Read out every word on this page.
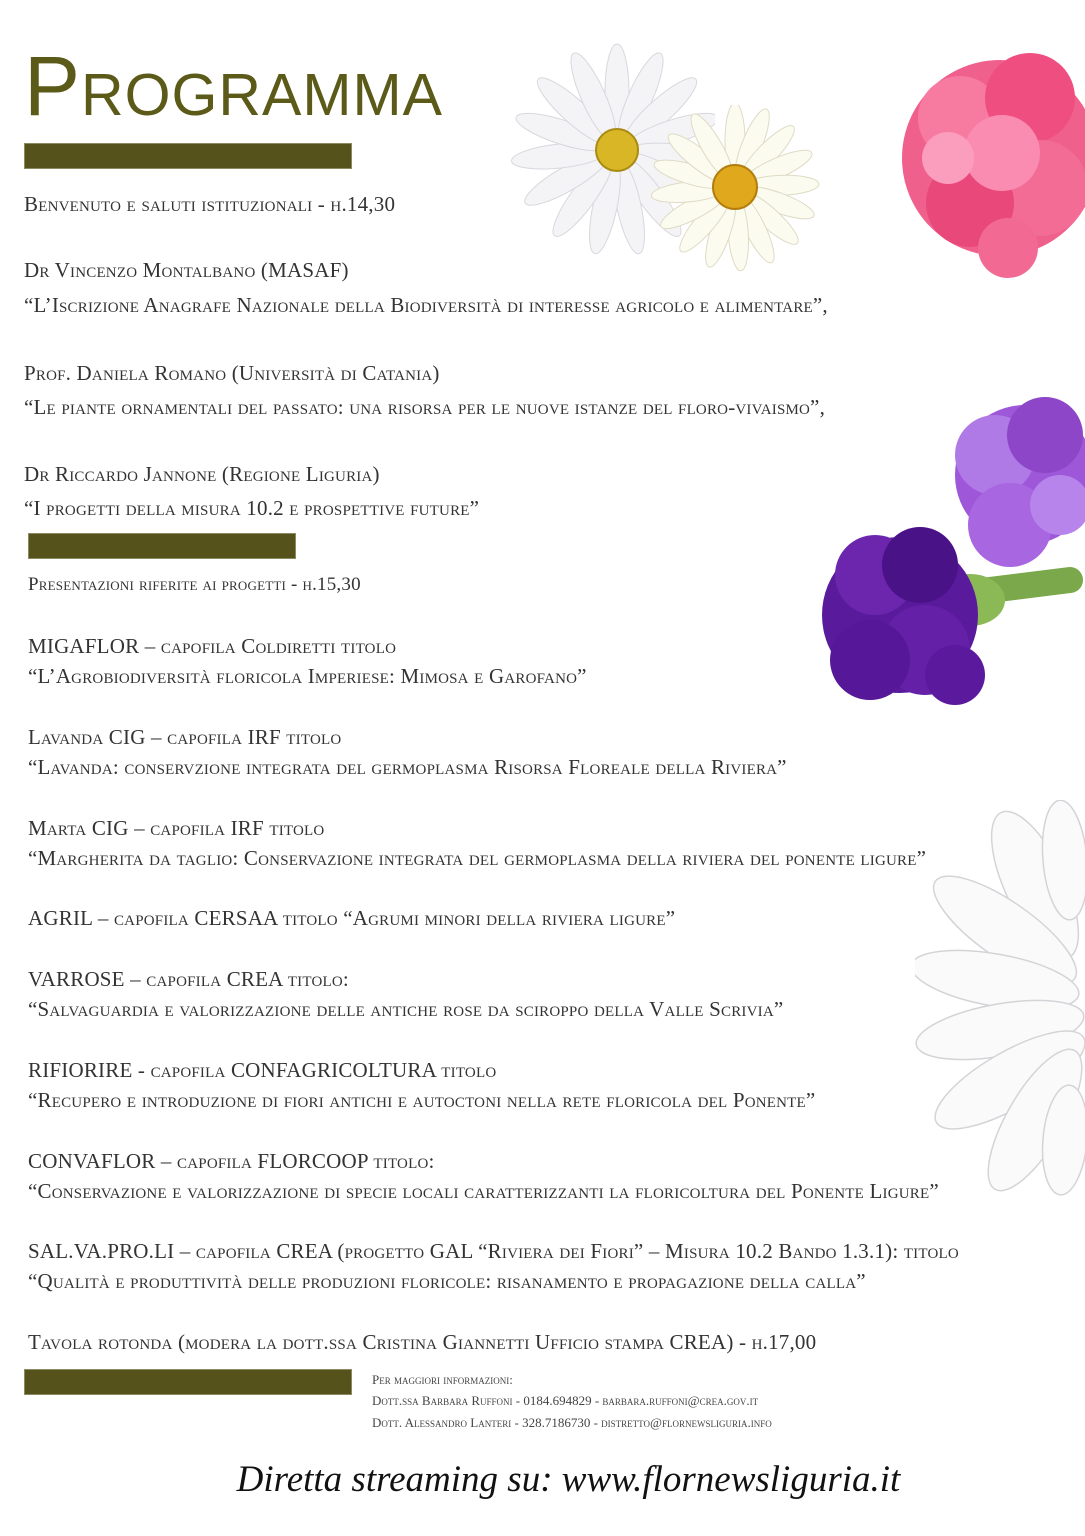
Programma
Benvenuto e saluti istituzionali - h.14,30
Dr Vincenzo Montalbano (MASAF)
“L’Iscrizione Anagrafe Nazionale della Biodiversità di interesse agricolo e alimentare”,
Prof. Daniela Romano (Università di Catania)
“Le piante ornamentali del passato: una risorsa per le nuove istanze del floro-vivaismo”,
Dr Riccardo Jannone (Regione Liguria)
“I progetti della misura 10.2 e prospettive future”
Presentazioni riferite ai progetti - h.15,30
MIGAFLOR – capofila Coldiretti titolo
“L’Agrobiodiversità floricola Imperiese: Mimosa e Garofano”
Lavanda CIG – capofila IRF titolo
“Lavanda: conservzione integrata del germoplasma Risorsa Floreale della Riviera”
Marta CIG – capofila IRF titolo
“Margherita da taglio: Conservazione integrata del germoplasma della riviera del ponente ligure”
AGRIL – capofila CERSAA titolo “Agrumi minori della riviera ligure”
VARROSE – capofila CREA titolo:
“Salvaguardia e valorizzazione delle antiche rose da sciroppo della Valle Scrivia”
RIFIORIRE - capofila CONFAGRICOLTURA titolo
“Recupero e introduzione di fiori antichi e autoctoni nella rete floricola del Ponente”
CONVAFLOR – capofila FLORCOOP titolo:
“Conservazione e valorizzazione di specie locali caratterizzanti la floricoltura del Ponente Ligure”
SAL.VA.PRO.LI – capofila CREA (progetto GAL “Riviera dei Fiori” – Misura 10.2 Bando 1.3.1): titolo
“Qualità e produttività delle produzioni floricole: risanamento e propagazione della calla”
Tavola rotonda (modera la dott.ssa Cristina Giannetti Ufficio stampa CREA) - h.17,00
Per maggiori informazioni:
Dott.ssa Barbara Ruffoni - 0184.694829 - barbara.ruffoni@crea.gov.it
Dott. Alessandro Lanteri - 328.7186730 - distretto@flornewsliguria.info
Diretta streaming su: www.flornewsliguria.it
